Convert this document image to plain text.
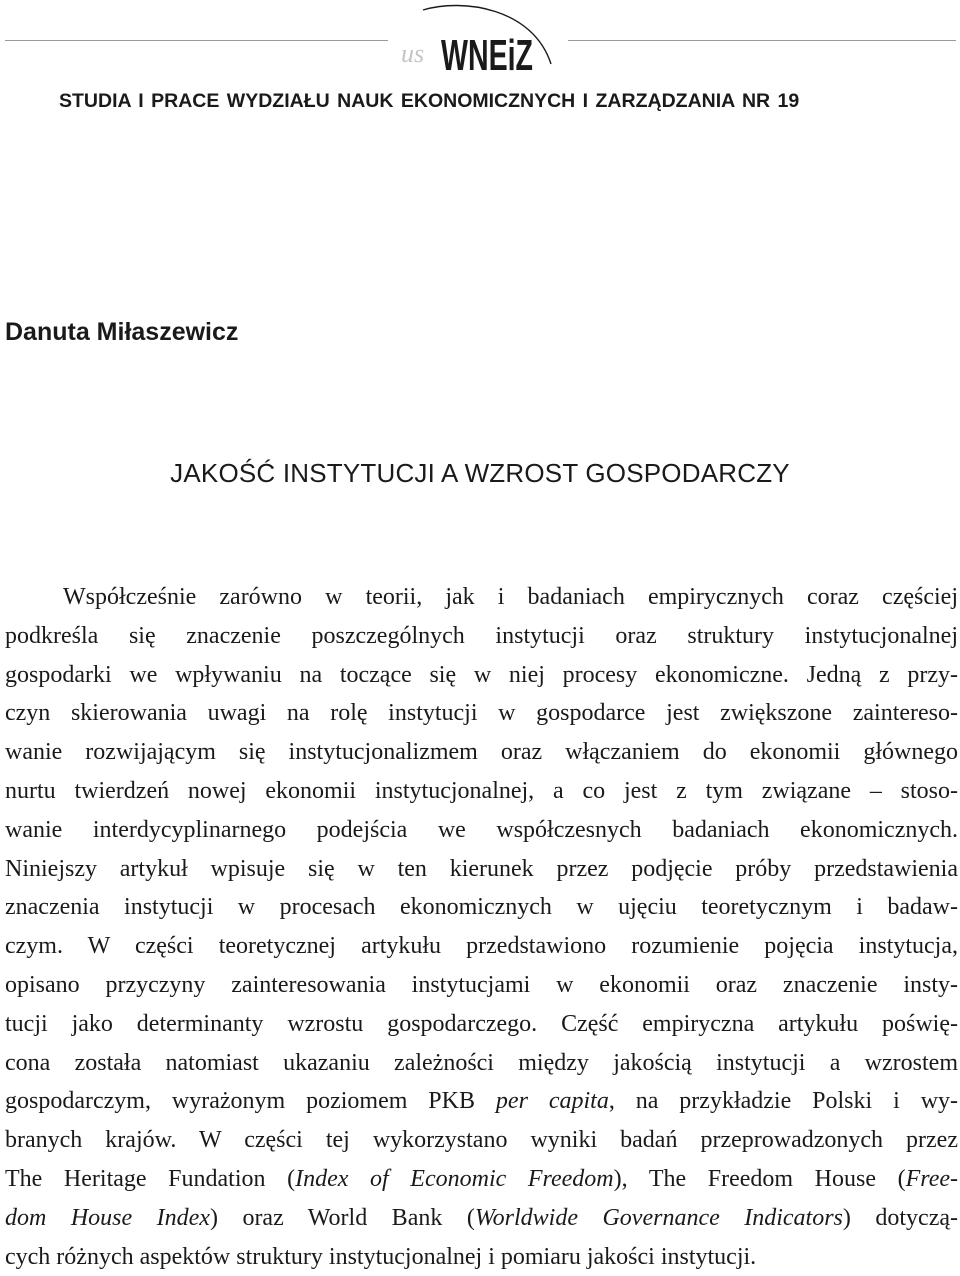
us WNEiZ
STUDIA I PRACE WYDZIAŁU NAUK EKONOMICZNYCH I ZARZĄDZANIA NR 19
Danuta Miłaszewicz
JAKOŚĆ INSTYTUCJI A WZROST GOSPODARCZY
Współcześnie zarówno w teorii, jak i badaniach empirycznych coraz częściej
podkreśla się znaczenie poszczególnych instytucji oraz struktury instytucjonalnej
gospodarki we wpływaniu na toczące się w niej procesy ekonomiczne. Jedną z przy-
czyn skierowania uwagi na rolę instytucji w gospodarce jest zwiększone zaintereso-
wanie rozwijającym się instytucjonalizmem oraz włączaniem do ekonomii głównego
nurtu twierdzeń nowej ekonomii instytucjonalnej, a co jest z tym związane – stoso-
wanie interdycyplinarnego podejścia we współczesnych badaniach ekonomicznych.
Niniejszy artykuł wpisuje się w ten kierunek przez podjęcie próby przedstawienia
znaczenia instytucji w procesach ekonomicznych w ujęciu teoretycznym i badaw-
czym. W części teoretycznej artykułu przedstawiono rozumienie pojęcia instytucja,
opisano przyczyny zainteresowania instytucjami w ekonomii oraz znaczenie insty-
tucji jako determinanty wzrostu gospodarczego. Część empiryczna artykułu poświę-
cona została natomiast ukazaniu zależności między jakością instytucji a wzrostem
gospodarczym, wyrażonym poziomem PKB per capita, na przykładzie Polski i wy-
branych krajów. W części tej wykorzystano wyniki badań przeprowadzonych przez
The Heritage Fundation (Index of Economic Freedom), The Freedom House (Free-
dom House Index) oraz World Bank (Worldwide Governance Indicators) dotyczą-
cych różnych aspektów struktury instytucjonalnej i pomiaru jakości instytucji.
